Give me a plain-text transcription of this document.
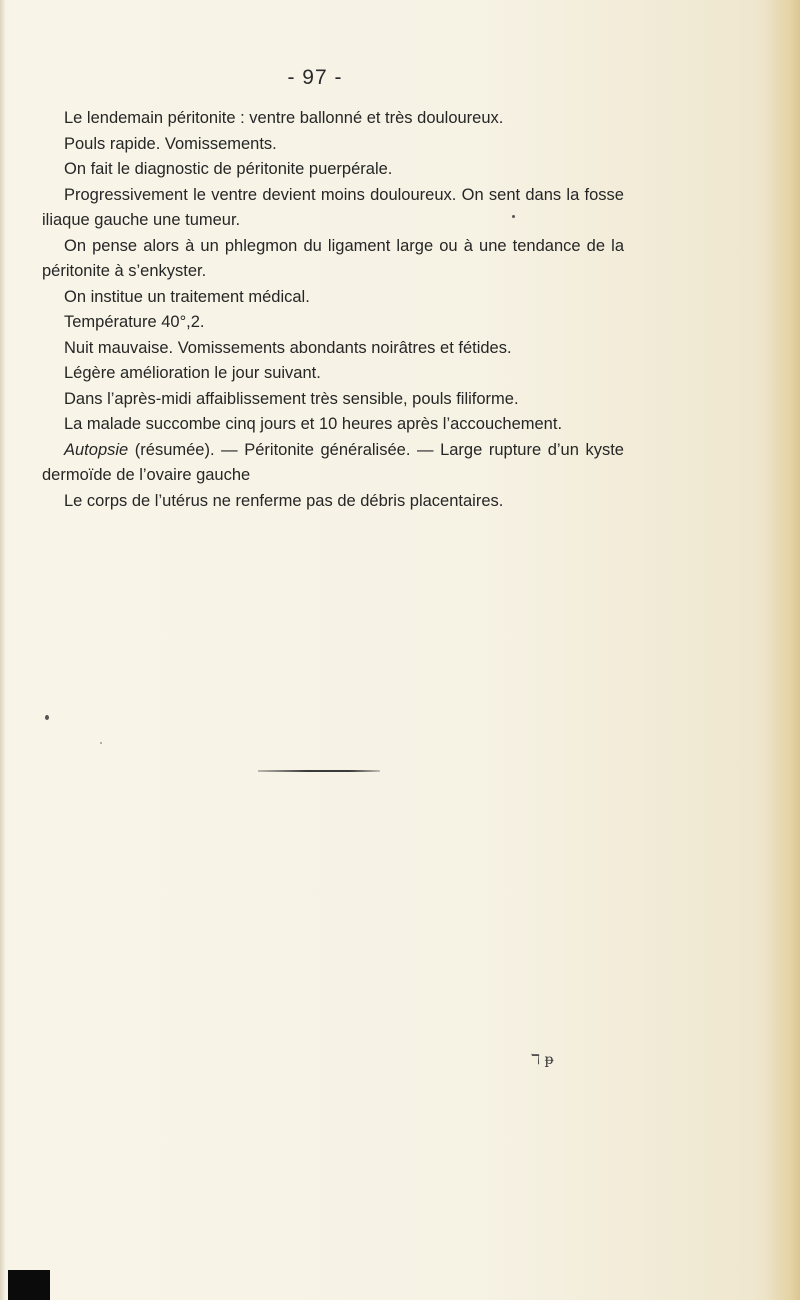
- 97 -

Le lendemain péritonite : ventre ballonné et très douloureux.

Pouls rapide. Vomissements.

On fait le diagnostic de péritonite puerpérale.

Progressivement le ventre devient moins douloureux. On sent dans la fosse iliaque gauche une tumeur.

On pense alors à un phlegmon du ligament large ou à une tendance de la péritonite à s’enkyster.

On institue un traitement médical.

Température 40°,2.

Nuit mauvaise. Vomissements abondants noirâtres et fétides.

Légère amélioration le jour suivant.

Dans l’après-midi affaiblissement très sensible, pouls filiforme.

La malade succombe cinq jours et 10 heures après l’accouchement.

Autopsie (résumée). — Péritonite généralisée. — Large rupture d’un kyste dermoïde de l’ovaire gauche

Le corps de l’utérus ne renferme pas de débris placentaires.

ℸ ᵽ
